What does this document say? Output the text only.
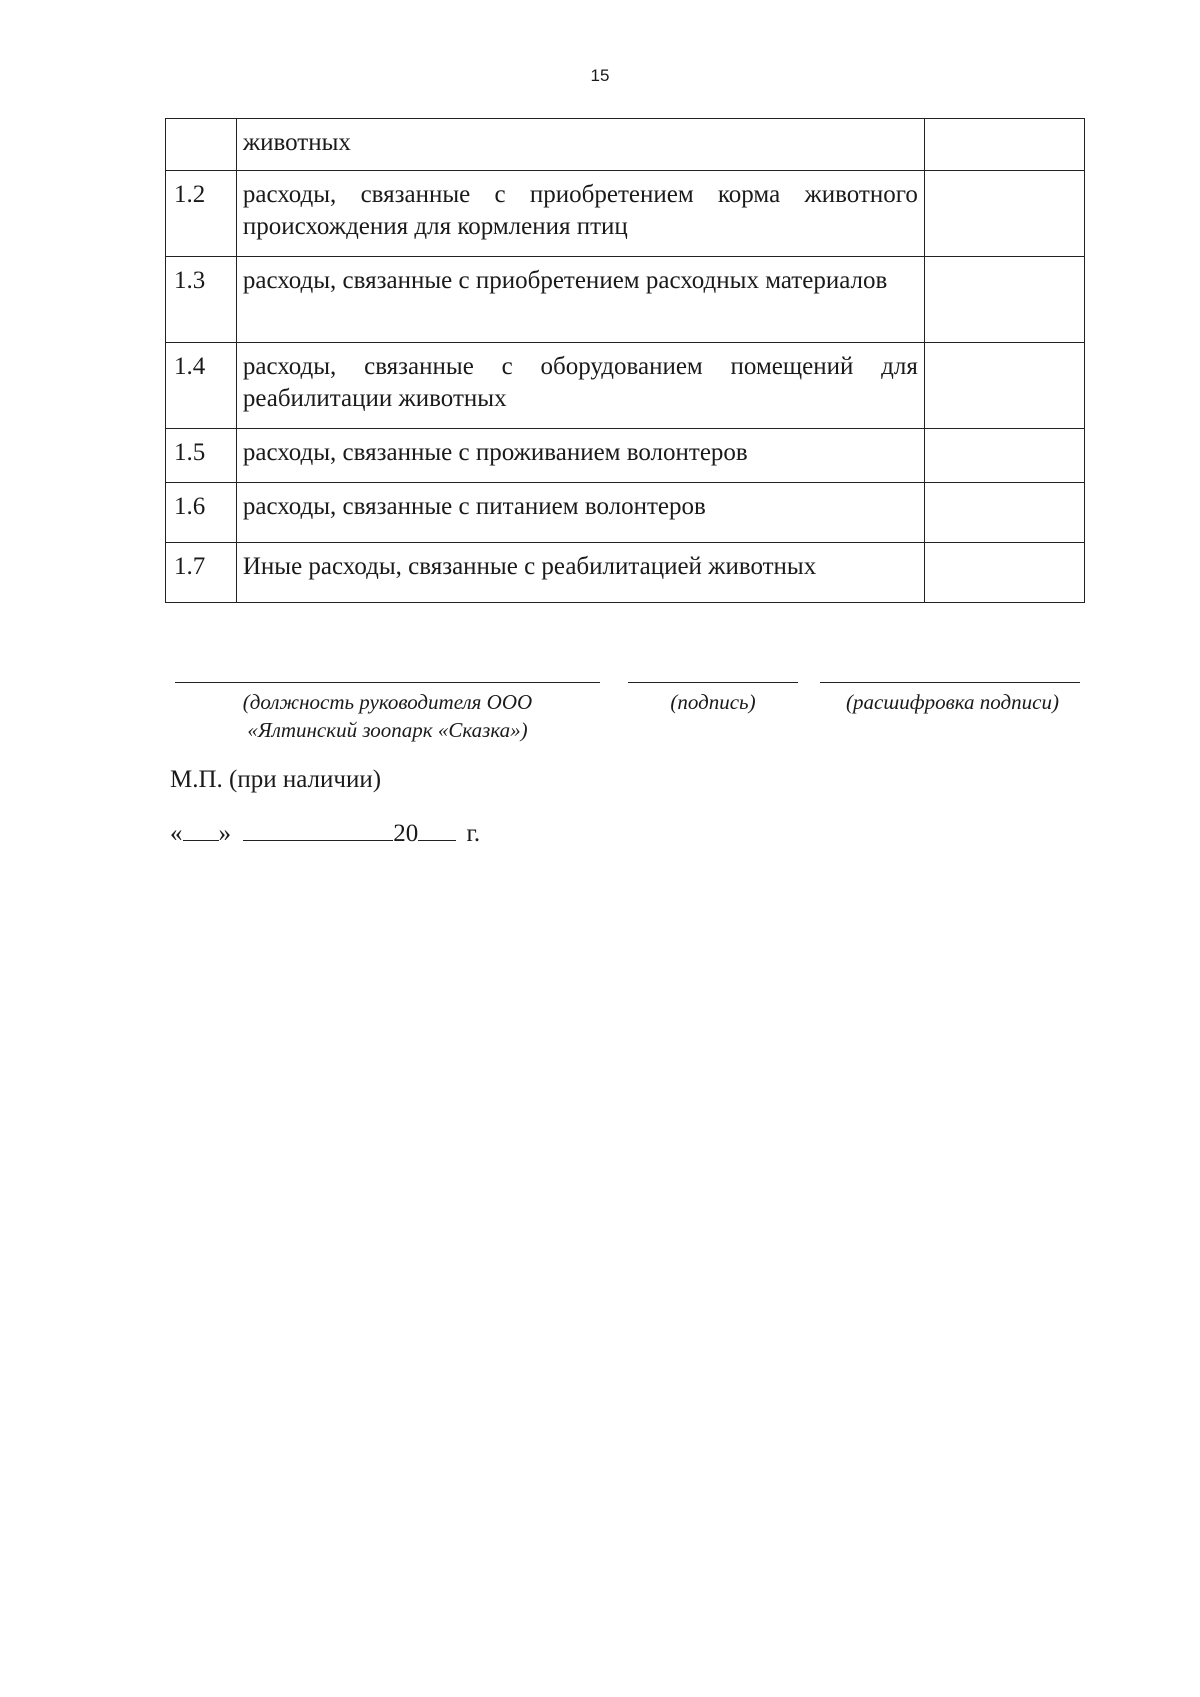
15
	животных	
1.2	расходы, связанные с приобретением корма животного происхождения для кормления птиц	
1.3	расходы, связанные с приобретением расходных материалов	
1.4	расходы, связанные с оборудованием помещений для реабилитации животных	
1.5	расходы, связанные с проживанием волонтеров	
1.6	расходы, связанные с питанием волонтеров	
1.7	Иные расходы, связанные с реабилитацией животных	
(должность руководителя ООО
«Ялтинский зоопарк «Сказка»)
(подпись)	(расшифровка подписи)
М.П. (при наличии)
« »	20 г.
